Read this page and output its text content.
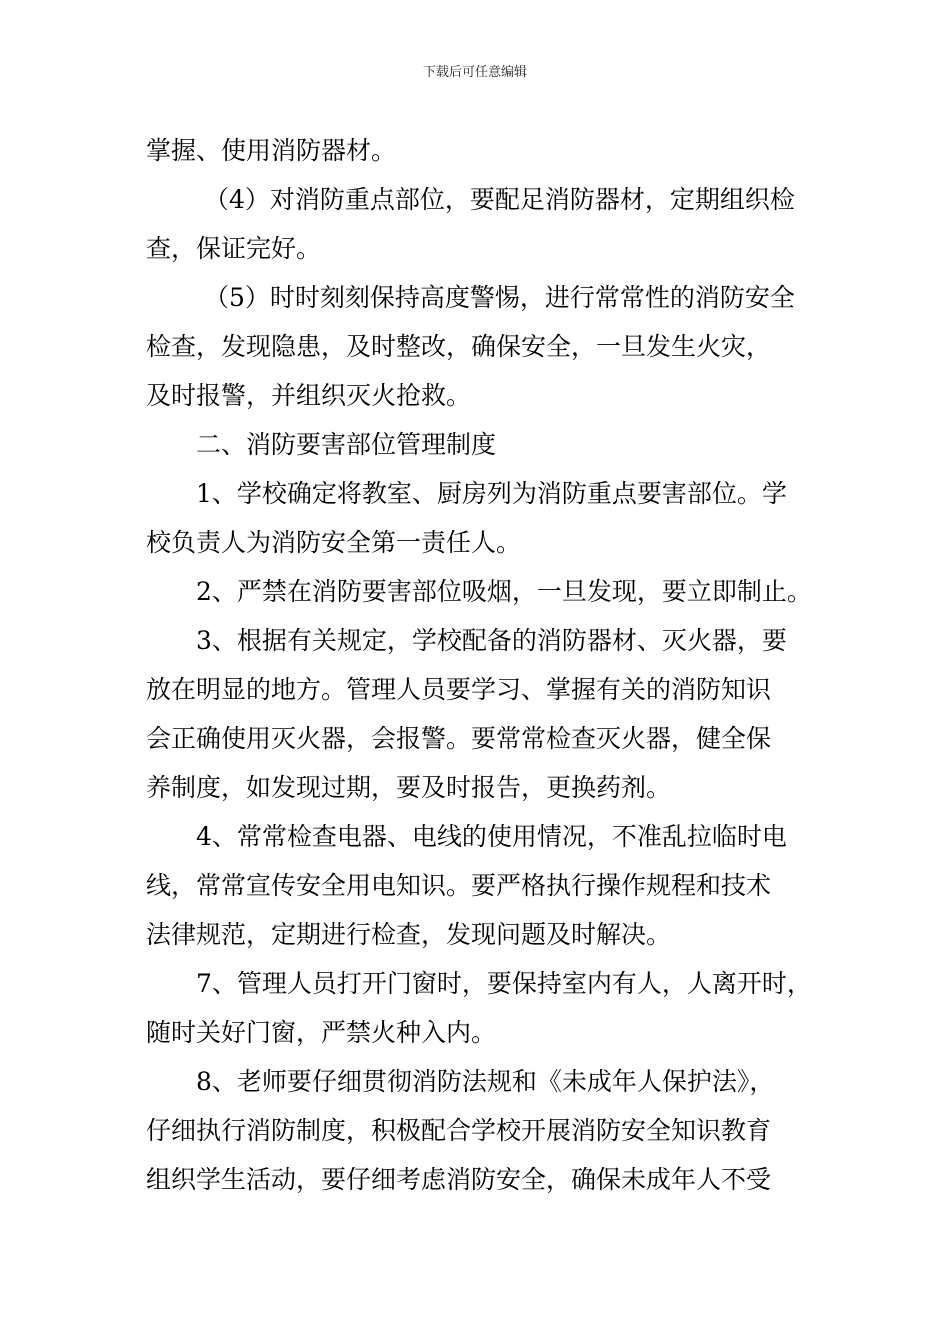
下载后可任意编辑
掌握、使用消防器材。
（4）对消防重点部位，要配足消防器材，定期组织检
查，保证完好。
（5）时时刻刻保持高度警惕，进行常常性的消防安全
检查，发现隐患，及时整改，确保安全，一旦发生火灾，
及时报警，并组织灭火抢救。
二、消防要害部位管理制度
1、学校确定将教室、厨房列为消防重点要害部位。学
校负责人为消防安全第一责任人。
2、严禁在消防要害部位吸烟，一旦发现，要立即制止。
3、根据有关规定，学校配备的消防器材、灭火器，要
放在明显的地方。管理人员要学习、掌握有关的消防知识
会正确使用灭火器，会报警。要常常检查灭火器，健全保
养制度，如发现过期，要及时报告，更换药剂。
4、常常检查电器、电线的使用情况，不准乱拉临时电
线，常常宣传安全用电知识。要严格执行操作规程和技术
法律规范，定期进行检查，发现问题及时解决。
7、管理人员打开门窗时，要保持室内有人，人离开时，
随时关好门窗，严禁火种入内。
8、老师要仔细贯彻消防法规和《未成年人保护法》，
仔细执行消防制度，积极配合学校开展消防安全知识教育
组织学生活动，要仔细考虑消防安全，确保未成年人不受
